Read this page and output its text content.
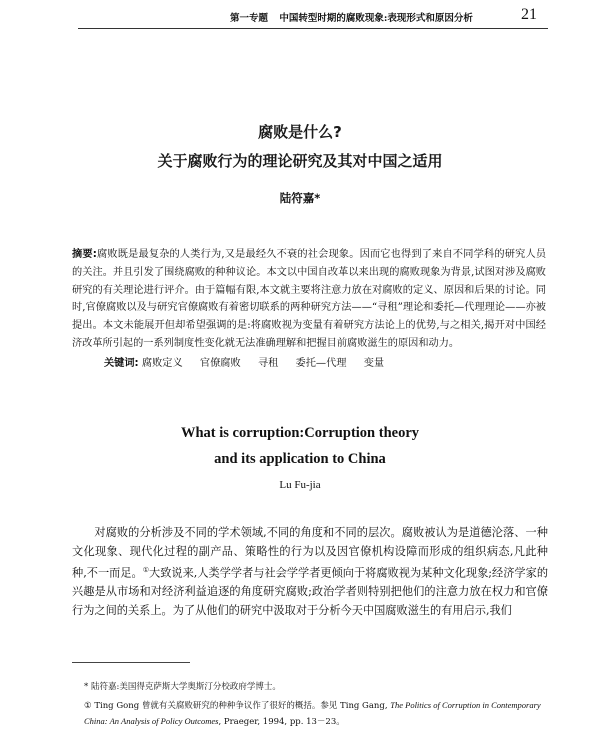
第一专题 中国转型时期的腐败现象:表现形式和原因分析	21
腐败是什么?
关于腐败行为的理论研究及其对中国之适用
陆符嘉*

摘要:腐败既是最复杂的人类行为,又是最经久不衰的社会现象。因而它也得到了来自不同学科的研究人员的关注。并且引发了围绕腐败的种种议论。本文以中国自改革以来出现的腐败现象为背景,试图对涉及腐败研究的有关理论进行评介。由于篇幅有限,本文就主要将注意力放在对腐败的定义、原因和后果的讨论。同时,官僚腐败以及与研究官僚腐败有着密切联系的两种研究方法——“寻租”理论和委托—代理理论——亦被提出。本文未能展开但却希望强调的是:将腐败视为变量有着研究方法论上的优势,与之相关,揭开对中国经济改革所引起的一系列制度性变化就无法准确理解和把握目前腐败滋生的原因和动力。

关键词: 腐败定义 官僚腐败 寻租 委托—代理 变量

What is corruption:Corruption theory
and its application to China
Lu Fu-jia

对腐败的分析涉及不同的学术领域,不同的角度和不同的层次。腐败被认为是道德沦落、一种文化现象、现代化过程的副产品、策略性的行为以及因官僚机构设障而形成的组织病态,凡此种种,不一而足。①大致说来,人类学学者与社会学学者更倾向于将腐败视为某种文化现象;经济学家的兴趣是从市场和对经济利益追逐的角度研究腐败;政治学者则特别把他们的注意力放在权力和官僚行为之间的关系上。为了从他们的研究中汲取对于分析今天中国腐败滋生的有用启示,我们

* 陆符嘉:美国得克萨斯大学奥斯汀分校政府学博士。

① Ting Gong 曾就有关腐败研究的种种争议作了很好的概括。参见 Ting Gang, The Politics of Corruption in Contemporary China: An Analysis of Policy Outcomes, Praeger, 1994, pp. 13－23。
